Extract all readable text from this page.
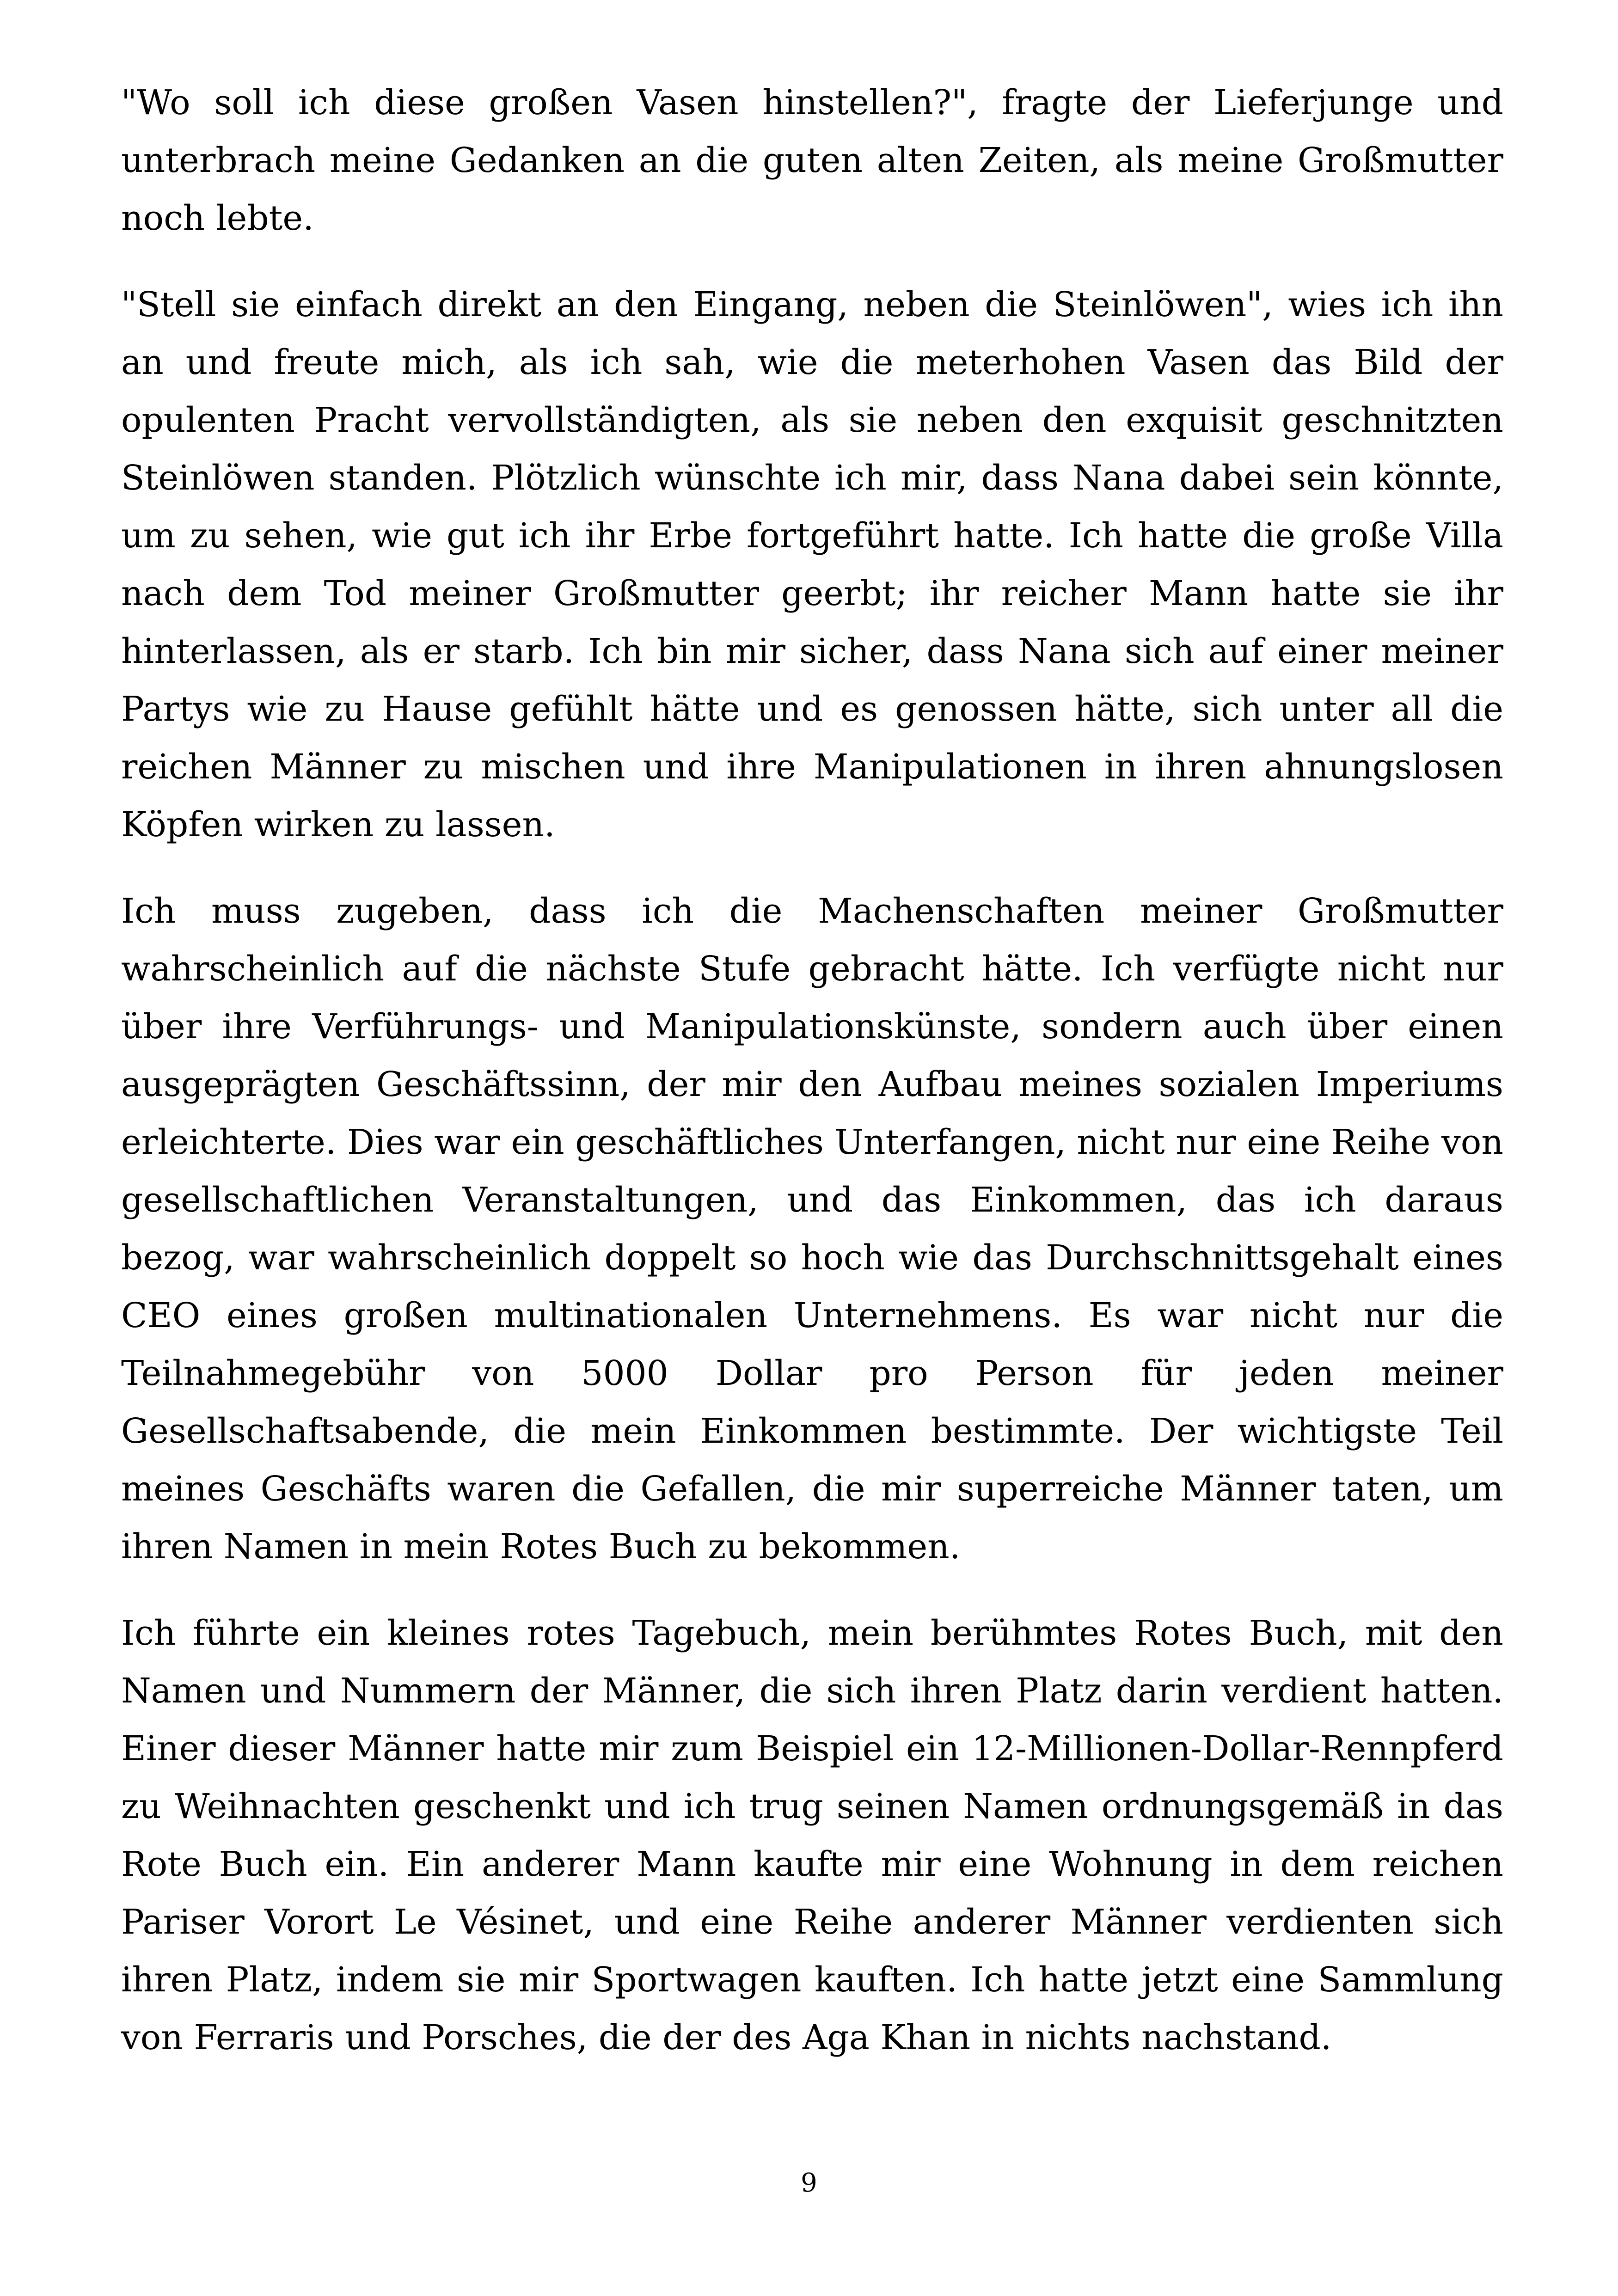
"Wo soll ich diese großen Vasen hinstellen?", fragte der Lieferjunge und unterbrach meine Gedanken an die guten alten Zeiten, als meine Großmutter noch lebte.

"Stell sie einfach direkt an den Eingang, neben die Steinlöwen", wies ich ihn an und freute mich, als ich sah, wie die meterhohen Vasen das Bild der opulenten Pracht vervollständigten, als sie neben den exquisit geschnitzten Steinlöwen standen. Plötzlich wünschte ich mir, dass Nana dabei sein könnte, um zu sehen, wie gut ich ihr Erbe fortgeführt hatte. Ich hatte die große Villa nach dem Tod meiner Großmutter geerbt; ihr reicher Mann hatte sie ihr hinterlassen, als er starb. Ich bin mir sicher, dass Nana sich auf einer meiner Partys wie zu Hause gefühlt hätte und es genossen hätte, sich unter all die reichen Männer zu mischen und ihre Manipulationen in ihren ahnungslosen Köpfen wirken zu lassen.

Ich muss zugeben, dass ich die Machenschaften meiner Großmutter wahrscheinlich auf die nächste Stufe gebracht hätte. Ich verfügte nicht nur über ihre Verführungs- und Manipulationskünste, sondern auch über einen ausgeprägten Geschäftssinn, der mir den Aufbau meines sozialen Imperiums erleichterte. Dies war ein geschäftliches Unterfangen, nicht nur eine Reihe von gesellschaftlichen Veranstaltungen, und das Einkommen, das ich daraus bezog, war wahrscheinlich doppelt so hoch wie das Durchschnittsgehalt eines CEO eines großen multinationalen Unternehmens. Es war nicht nur die Teilnahmegebühr von 5000 Dollar pro Person für jeden meiner Gesellschaftsabende, die mein Einkommen bestimmte. Der wichtigste Teil meines Geschäfts waren die Gefallen, die mir superreiche Männer taten, um ihren Namen in mein Rotes Buch zu bekommen.

Ich führte ein kleines rotes Tagebuch, mein berühmtes Rotes Buch, mit den Namen und Nummern der Männer, die sich ihren Platz darin verdient hatten. Einer dieser Männer hatte mir zum Beispiel ein 12-Millionen-Dollar-Rennpferd zu Weihnachten geschenkt und ich trug seinen Namen ordnungsgemäß in das Rote Buch ein. Ein anderer Mann kaufte mir eine Wohnung in dem reichen Pariser Vorort Le Vésinet, und eine Reihe anderer Männer verdienten sich ihren Platz, indem sie mir Sportwagen kauften. Ich hatte jetzt eine Sammlung von Ferraris und Porsches, die der des Aga Khan in nichts nachstand.

9
